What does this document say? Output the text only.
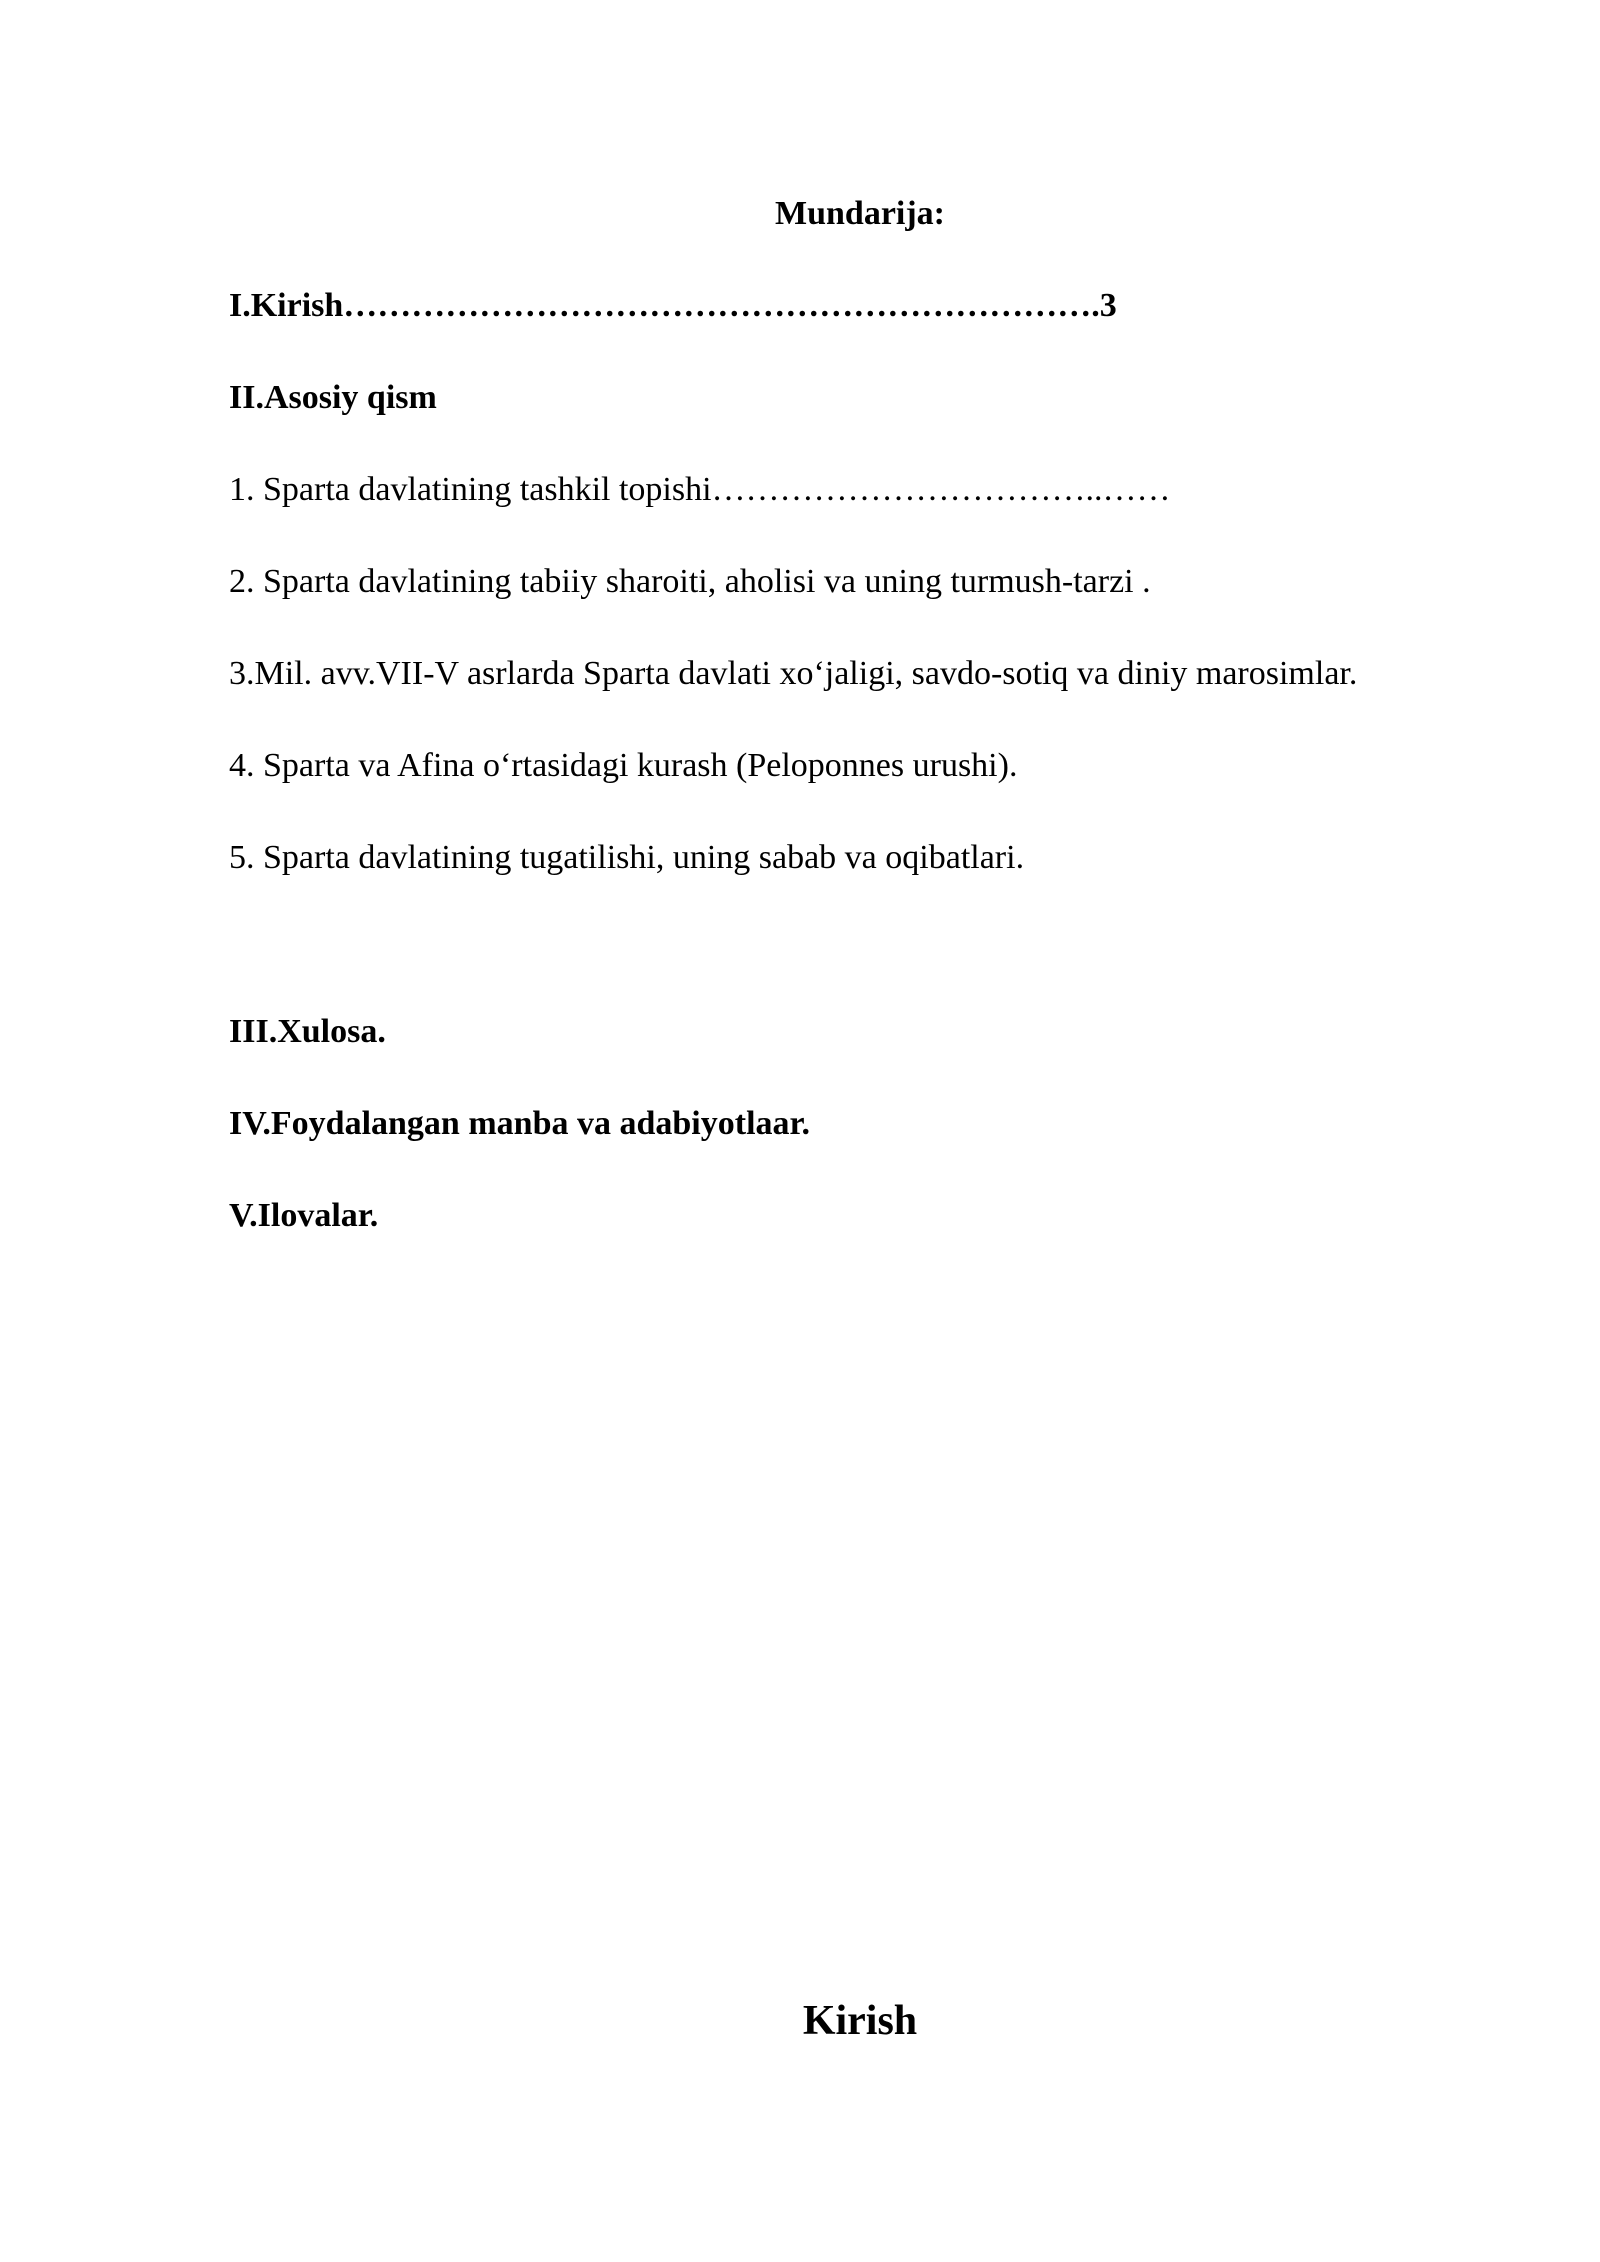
Mundarija:
I.Kirish………………………………………………………….3
II.Asosiy qism
1. Sparta davlatining tashkil topishi……………………………..……
2. Sparta davlatining tabiiy sharoiti, aholisi va uning turmush-tarzi .
3.Mil. avv.VII-V asrlarda Sparta davlati xo‘jaligi, savdo-sotiq va diniy marosimlar.
4. Sparta va Afina o‘rtasidagi kurash (Peloponnes urushi).
5. Sparta davlatining tugatilishi, uning sabab va oqibatlari.
III.Xulosa.
IV.Foydalangan manba va adabiyotlaar.
V.Ilovalar.
Kirish
